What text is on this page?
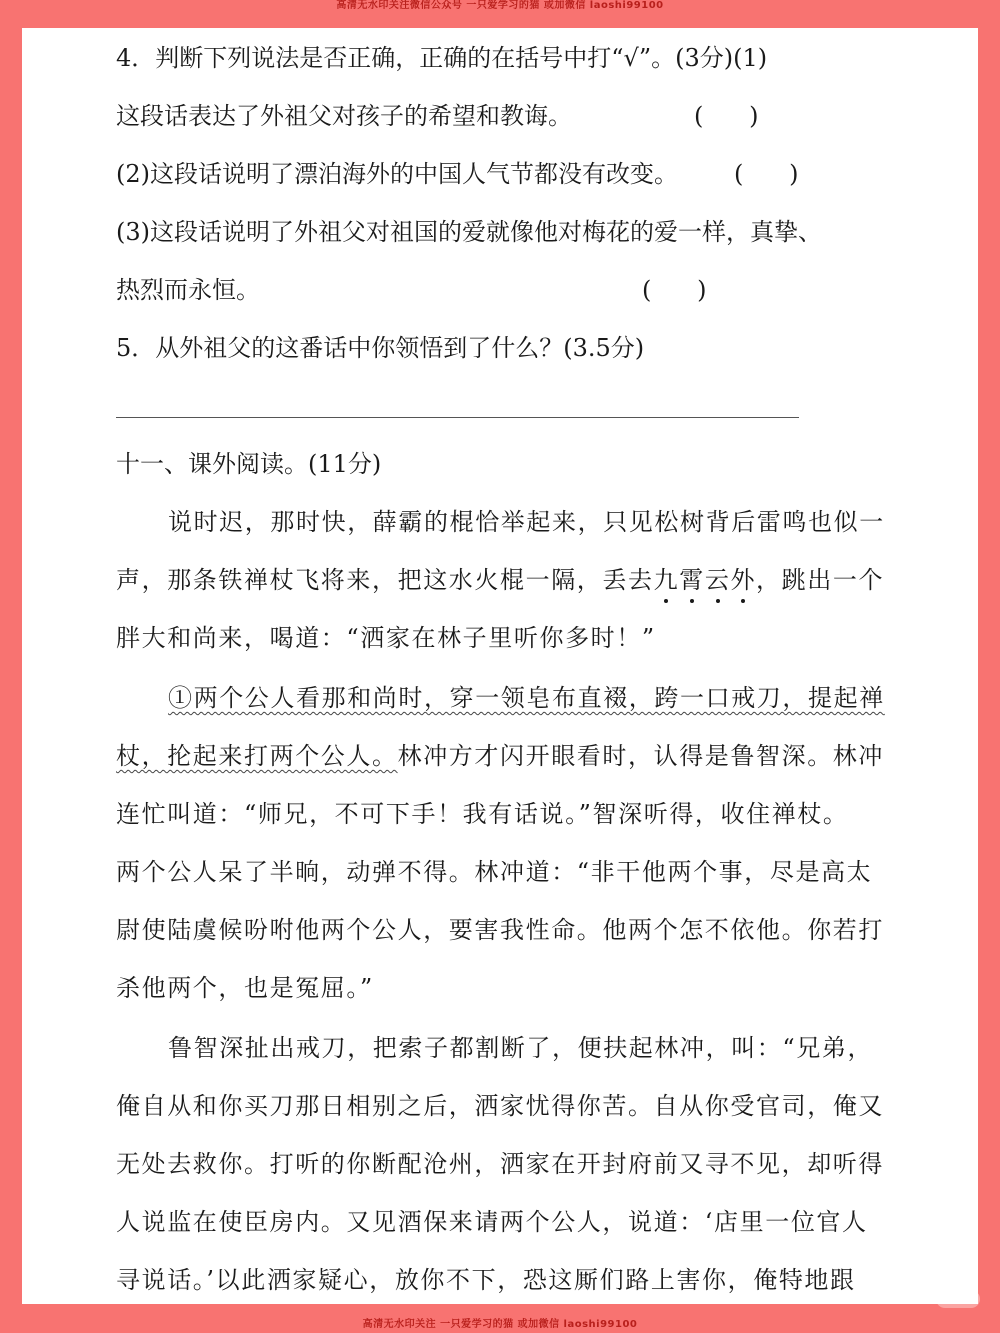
高清无水印关注微信公众号 一只爱学习的猫 或加微信 laoshi99100
4．判断下列说法是否正确，正确的在括号中打“√”。(3分)(1)
这段话表达了外祖父对孩子的希望和教诲。	(      )
(2)这段话说明了漂泊海外的中国人气节都没有改变。 (      )
(3)这段话说明了外祖父对祖国的爱就像他对梅花的爱一样，真挚、
热烈而永恒。	(      )
5．从外祖父的这番话中你领悟到了什么？(3.5分)
十一、课外阅读。(11分)
说时迟，那时快，薛霸的棍恰举起来，只见松树背后雷鸣也似一
声，那条铁禅杖飞将来，把这水火棍一隔，丢去九霄云外，跳出一个
胖大和尚来，喝道：“洒家在林子里听你多时！”
①两个公人看那和尚时，穿一领皂布直裰，跨一口戒刀，提起禅
杖，抡起来打两个公人。林冲方才闪开眼看时，认得是鲁智深。林冲
连忙叫道：“师兄，不可下手！我有话说。”智深听得，收住禅杖。
两个公人呆了半晌，动弹不得。林冲道：“非干他两个事，尽是高太
尉使陆虞候吩咐他两个公人，要害我性命。他两个怎不依他。你若打
杀他两个，也是冤屈。”
鲁智深扯出戒刀，把索子都割断了，便扶起林冲，叫：“兄弟，
俺自从和你买刀那日相别之后，洒家忧得你苦。自从你受官司，俺又
无处去救你。打听的你断配沧州，洒家在开封府前又寻不见，却听得
人说监在使臣房内。又见酒保来请两个公人，说道：‘店里一位官人
寻说话。’以此洒家疑心，放你不下，恐这厮们路上害你，俺特地跟
小红书
高清无水印关注 一只爱学习的猫 或加微信 laoshi99100
